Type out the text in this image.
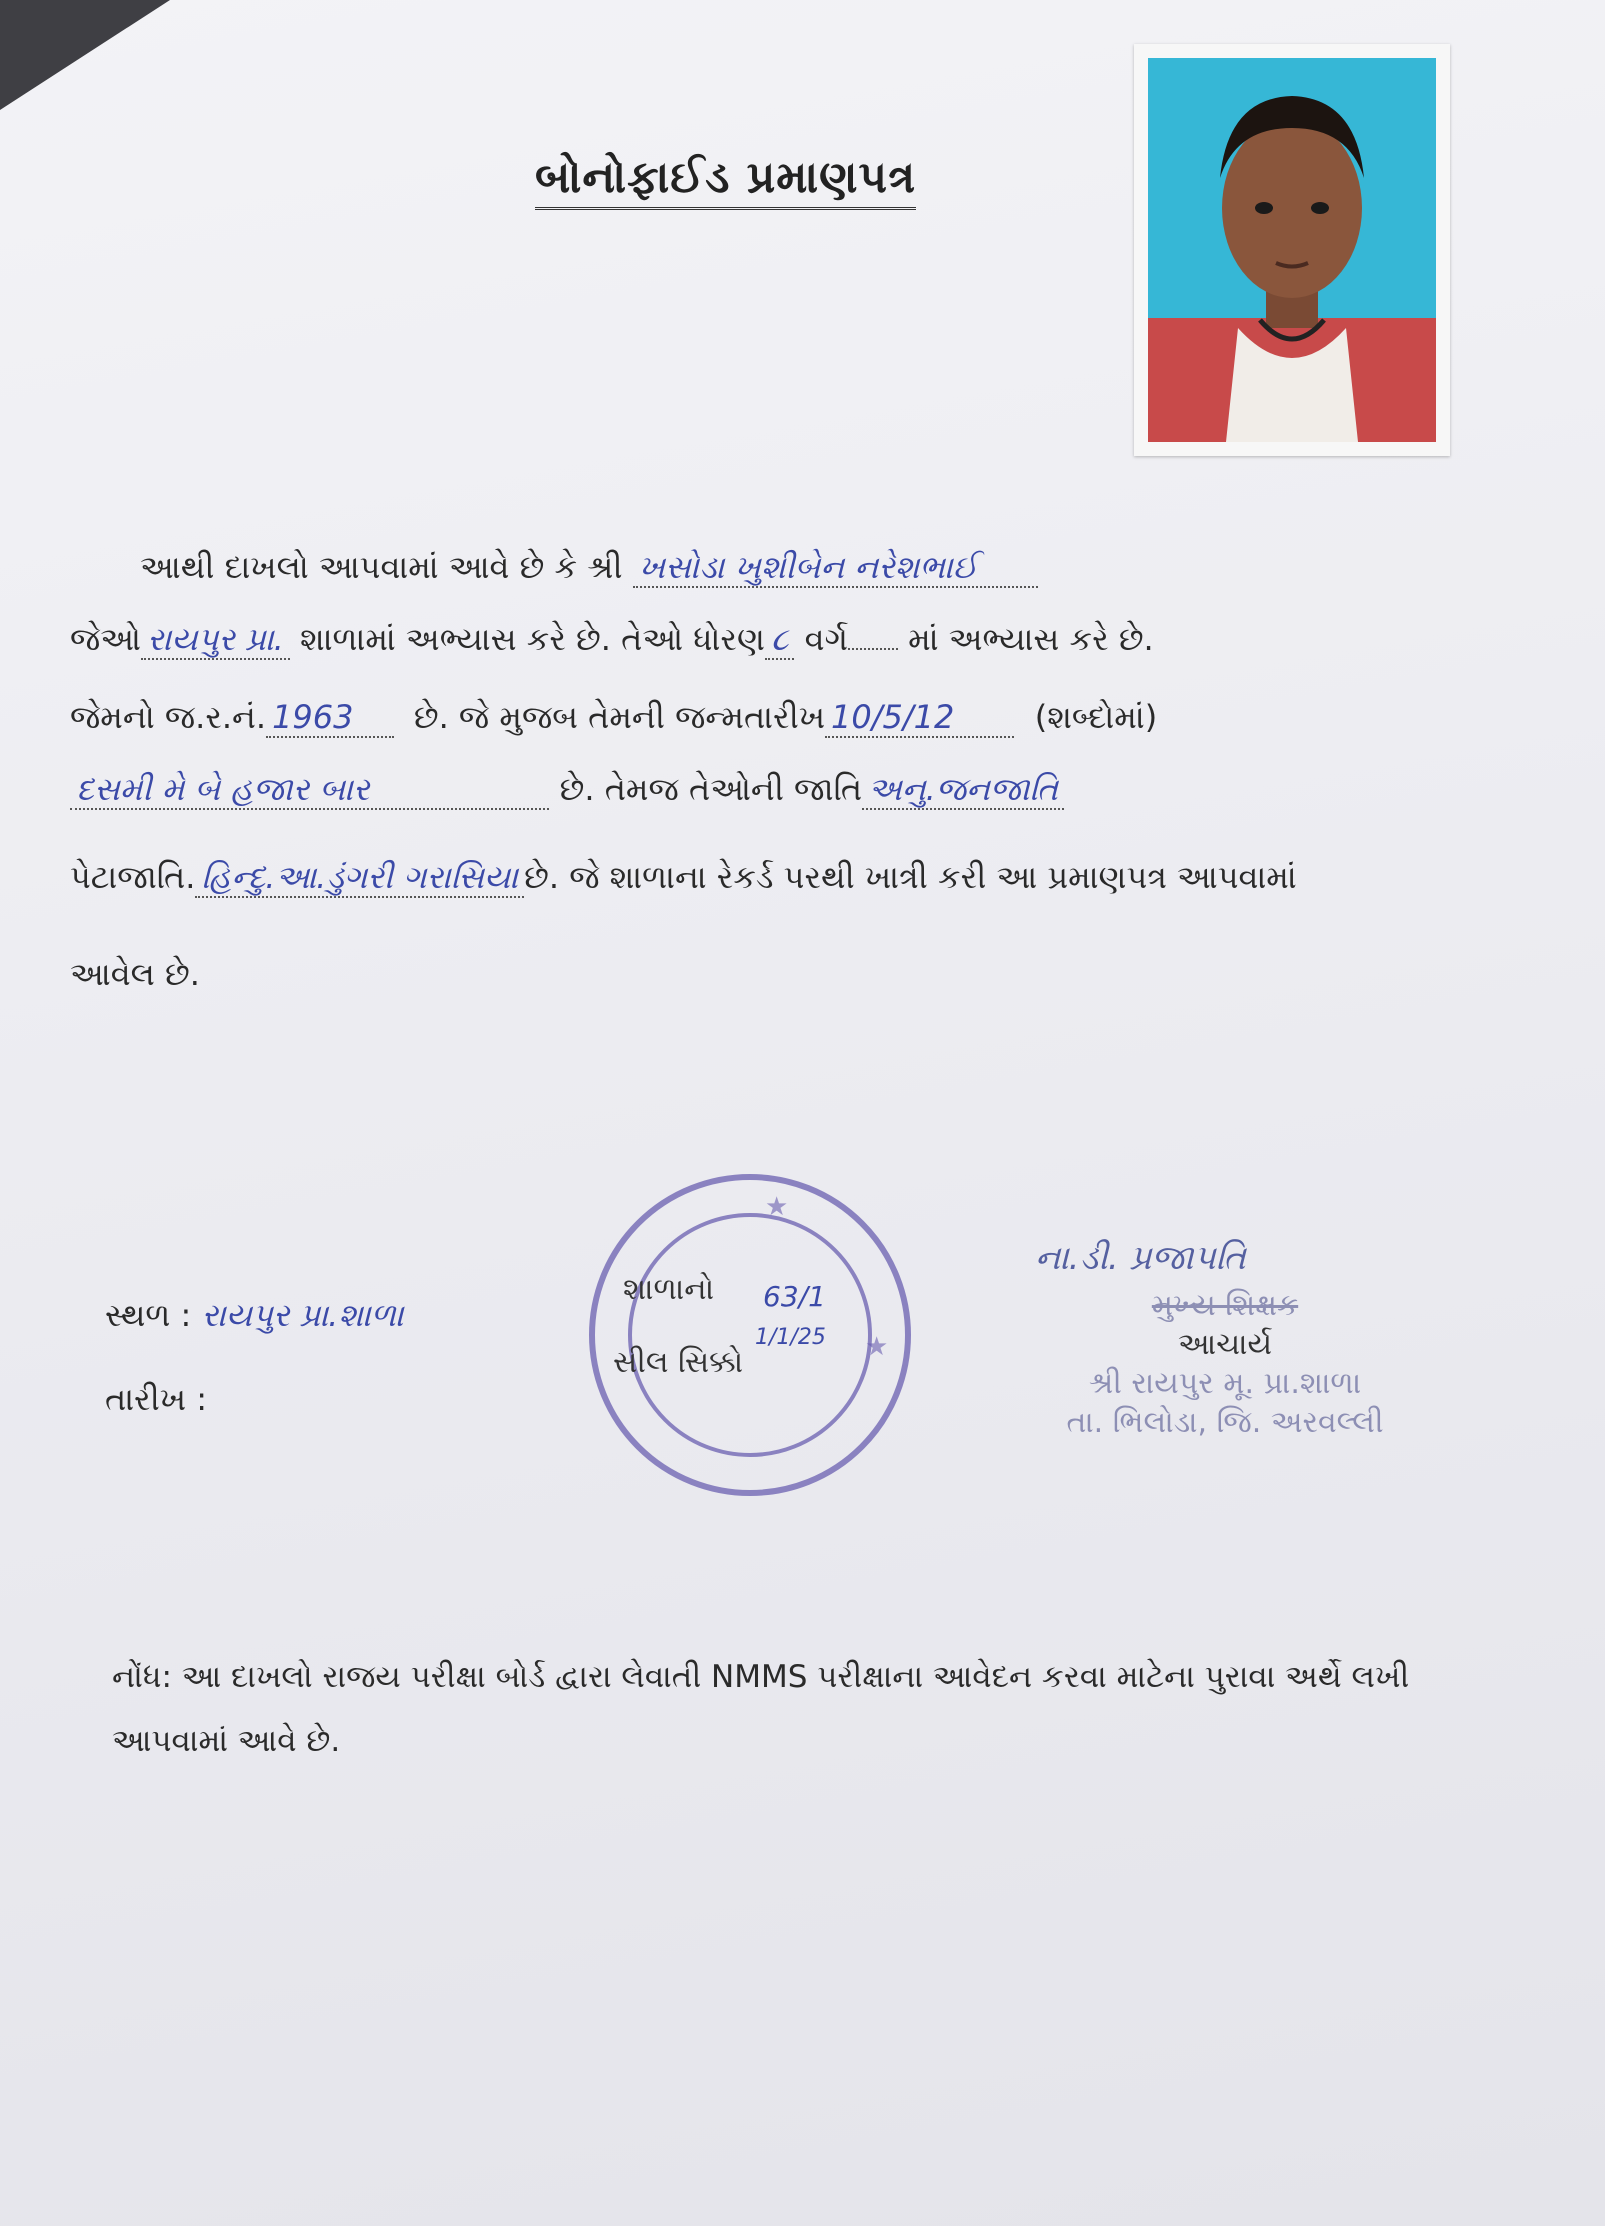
બોનોફાઈડ પ્રમાણપત્ર
આથી દાખલો આપવામાં આવે છે કે શ્રી ખસોડા ખુશીબેન નરેશભાઈ
જેઓ રાયપુર પ્રા. શાળામાં અભ્યાસ કરે છે. તેઓ ધોરણ ૮ વર્ગ માં અભ્યાસ કરે છે.
જેમનો જ.ર.નં. 1963 છે. જે મુજબ તેમની જન્મતારીખ 10/5/12	(શબ્દોમાં)
દસમી મે બે હજાર બાર	છે. તેમજ તેઓની જાતિ અનુ.જનજાતિ
પેટાજાતિ. હિન્દુ.આ.ડુંગરી ગરાસિયા છે. જે શાળાના રેકર્ડ પરથી ખાત્રી કરી આ પ્રમાણપત્ર આપવામાં
આવેલ છે.
સ્થળ : રાયપુર પ્રા.શાળા
તારીખ :
★
★
શાળાનો
સીલ સિક્કો
63/1
1/1/25
ના.ડી. પ્રજાપતિ
મુખ્ય શિક્ષક
આચાર્ય
શ્રી રાયપુર મૂ. પ્રા.શાળા
તા. ભિલોડા, જિ. અરવલ્લી
નોંધ: આ દાખલો રાજય પરીક્ષા બોર્ડ દ્વારા લેવાતી NMMS પરીક્ષાના આવેદન કરવા માટેના પુરાવા અર્થે લખી આપવામાં આવે છે.
